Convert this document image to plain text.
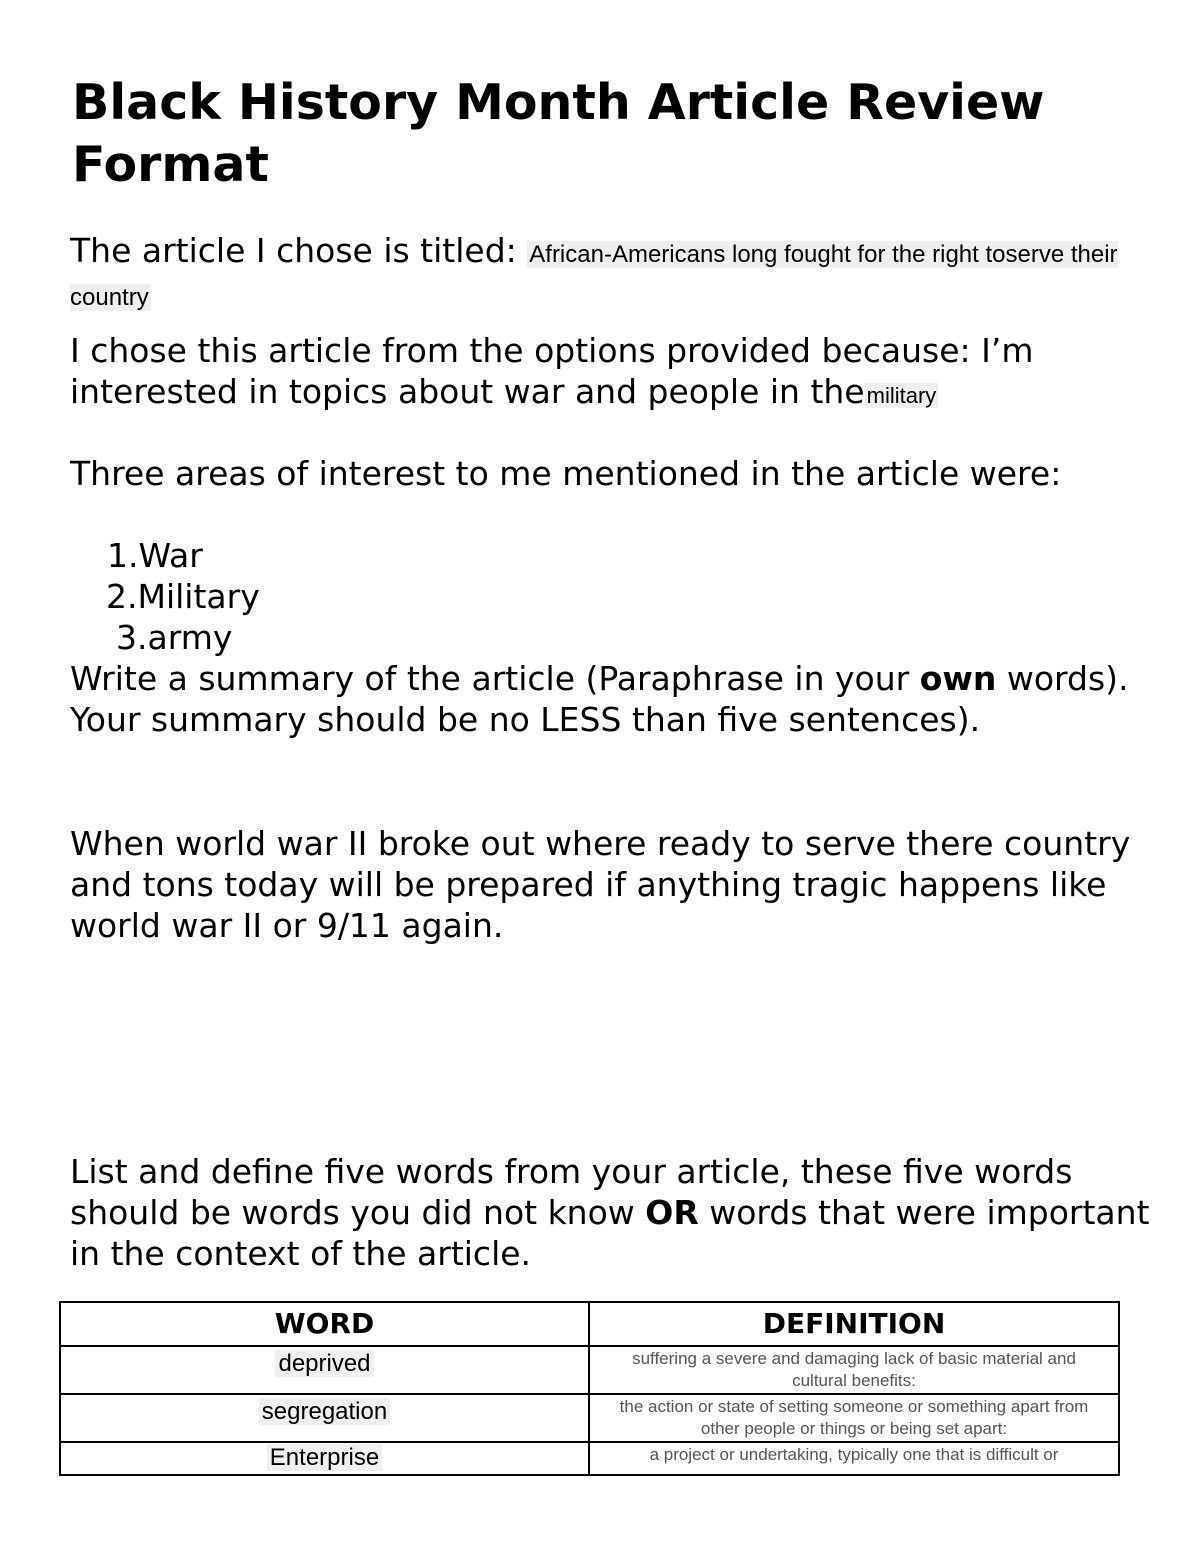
Black History Month Article Review Format

The article I chose is titled: African-Americans long fought for the right toserve their country

I chose this article from the options provided because: I’m interested in topics about war and people in themilitary

Three areas of interest to me mentioned in the article were:

1.War
2.Military
3.army

Write a summary of the article (Paraphrase in your own words). Your summary should be no LESS than five sentences).

When world war II broke out where ready to serve there country and tons today will be prepared if anything tragic happens like world war II or 9/11 again.

List and define five words from your article, these five words should be words you did not know OR words that were important in the context of the article.

WORD	DEFINITION
deprived	suffering a severe and damaging lack of basic material and cultural benefits:
segregation	the action or state of setting someone or something apart from other people or things or being set apart:
Enterprise	a project or undertaking, typically one that is difficult or
